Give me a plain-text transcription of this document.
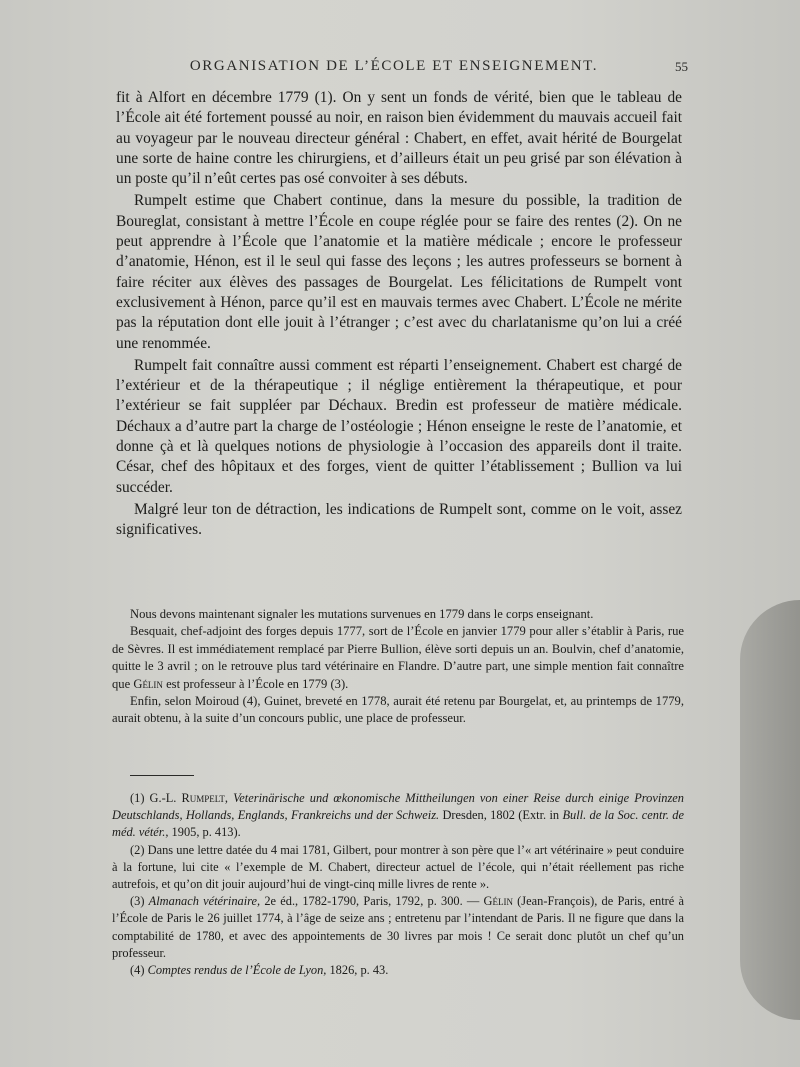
ORGANISATION DE L’ÉCOLE ET ENSEIGNEMENT.	55

fit à Alfort en décembre 1779 (1). On y sent un fonds de vérité, bien que le tableau de l’École ait été fortement poussé au noir, en raison bien évidemment du mauvais accueil fait au voyageur par le nouveau directeur général : Chabert, en effet, avait hérité de Bourgelat une sorte de haine contre les chirurgiens, et d’ailleurs était un peu grisé par son élévation à un poste qu’il n’eût certes pas osé convoiter à ses débuts.

Rumpelt estime que Chabert continue, dans la mesure du possible, la tradition de Boureglat, consistant à mettre l’École en coupe réglée pour se faire des rentes (2). On ne peut apprendre à l’École que l’anatomie et la matière médicale ; encore le professeur d’anatomie, Hénon, est il le seul qui fasse des leçons ; les autres professeurs se bornent à faire réciter aux élèves des passages de Bourgelat. Les félicitations de Rumpelt vont exclusivement à Hénon, parce qu’il est en mauvais termes avec Chabert. L’École ne mérite pas la réputation dont elle jouit à l’étranger ; c’est avec du charlatanisme qu’on lui a créé une renommée.

Rumpelt fait connaître aussi comment est réparti l’enseignement. Chabert est chargé de l’extérieur et de la thérapeutique ; il néglige entièrement la thérapeutique, et pour l’extérieur se fait suppléer par Déchaux. Bredin est professeur de matière médicale. Déchaux a d’autre part la charge de l’ostéologie ; Hénon enseigne le reste de l’anatomie, et donne çà et là quelques notions de physiologie à l’occasion des appareils dont il traite. César, chef des hôpitaux et des forges, vient de quitter l’établissement ; Bullion va lui succéder.

Malgré leur ton de détraction, les indications de Rumpelt sont, comme on le voit, assez significatives.

Nous devons maintenant signaler les mutations survenues en 1779 dans le corps enseignant.

Besquait, chef-adjoint des forges depuis 1777, sort de l’École en janvier 1779 pour aller s’établir à Paris, rue de Sèvres. Il est immédiatement remplacé par Pierre Bullion, élève sorti depuis un an. Boulvin, chef d’anatomie, quitte le 3 avril ; on le retrouve plus tard vétérinaire en Flandre. D’autre part, une simple mention fait connaître que Gélin est professeur à l’École en 1779 (3).

Enfin, selon Moiroud (4), Guinet, breveté en 1778, aurait été retenu par Bourgelat, et, au printemps de 1779, aurait obtenu, à la suite d’un concours public, une place de professeur.

(1) G.-L. Rumpelt, Veterinärische und œkonomische Mittheilungen von einer Reise durch einige Provinzen Deutschlands, Hollands, Englands, Frankreichs und der Schweiz. Dresden, 1802 (Extr. in Bull. de la Soc. centr. de méd. vétér., 1905, p. 413).

(2) Dans une lettre datée du 4 mai 1781, Gilbert, pour montrer à son père que l’« art vétérinaire » peut conduire à la fortune, lui cite « l’exemple de M. Chabert, directeur actuel de l’école, qui n’était réellement pas riche autrefois, et qu’on dit jouir aujourd’hui de vingt-cinq mille livres de rente ».

(3) Almanach vétérinaire, 2e éd., 1782-1790, Paris, 1792, p. 300. — Gélin (Jean-François), de Paris, entré à l’École de Paris le 26 juillet 1774, à l’âge de seize ans ; entretenu par l’intendant de Paris. Il ne figure que dans la comptabilité de 1780, et avec des appointements de 30 livres par mois ! Ce serait donc plutôt un chef qu’un professeur.

(4) Comptes rendus de l’École de Lyon, 1826, p. 43.
